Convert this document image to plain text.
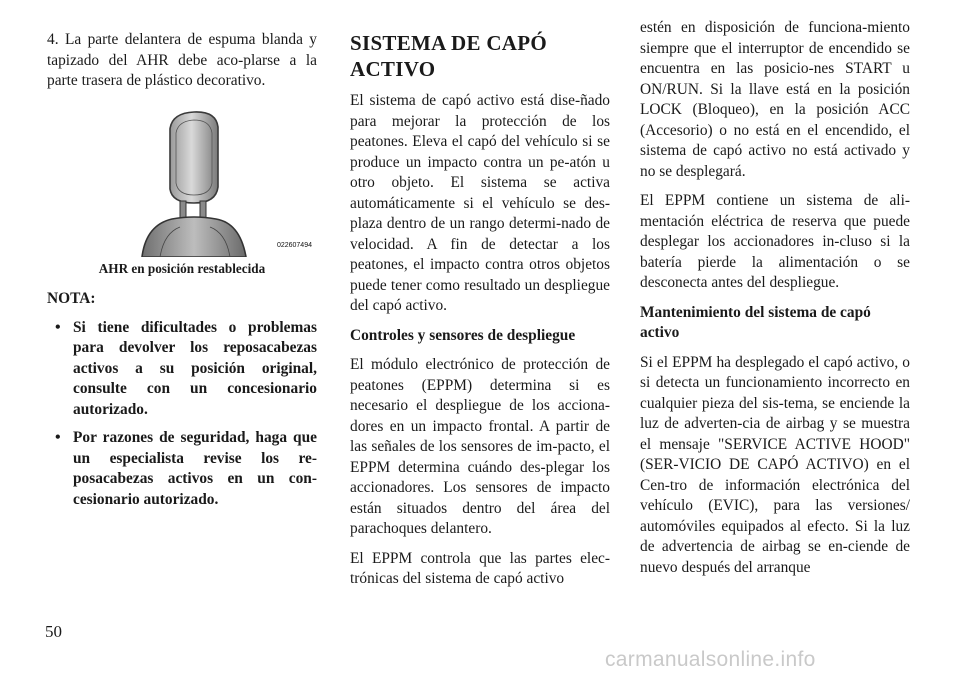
4. La parte delantera de espuma blanda y tapizado del AHR debe aco-plarse a la parte trasera de plástico decorativo.

022607494

AHR en posición restablecida

NOTA:

• Si tiene dificultades o problemas para devolver los reposacabezas activos a su posición original, consulte con un concesionario autorizado.
• Por razones de seguridad, haga que un especialista revise los re-posacabezas activos en un con-cesionario autorizado.
SISTEMA DE CAPÓ ACTIVO

El sistema de capó activo está dise-ñado para mejorar la protección de los peatones. Eleva el capó del vehículo si se produce un impacto contra un pe-atón u otro objeto. El sistema se activa automáticamente si el vehículo se des-plaza dentro de un rango determi-nado de velocidad. A fin de detectar a los peatones, el impacto contra otros objetos puede tener como resultado un despliegue del capó activo.

Controles y sensores de despliegue

El módulo electrónico de protección de peatones (EPPM) determina si es necesario el despliegue de los acciona-dores en un impacto frontal. A partir de las señales de los sensores de im-pacto, el EPPM determina cuándo des-plegar los accionadores. Los sensores de impacto están situados dentro del área del parachoques delantero.

El EPPM controla que las partes elec-trónicas del sistema de capó activo

estén en disposición de funciona-miento siempre que el interruptor de encendido se encuentra en las posicio-nes START u ON/RUN. Si la llave está en la posición LOCK (Bloqueo), en la posición ACC (Accesorio) o no está en el encendido, el sistema de capó activo no está activado y no se desplegará.

El EPPM contiene un sistema de ali-mentación eléctrica de reserva que puede desplegar los accionadores in-cluso si la batería pierde la alimentación o se desconecta antes del despliegue.

Mantenimiento del sistema de capó activo

Si el EPPM ha desplegado el capó activo, o si detecta un funcionamiento incorrecto en cualquier pieza del sis-tema, se enciende la luz de adverten-cia de airbag y se muestra el mensaje "SERVICE ACTIVE HOOD" (SER-VICIO DE CAPÓ ACTIVO) en el Cen-tro de información electrónica del vehículo (EVIC), para las versiones/ automóviles equipados al efecto. Si la luz de advertencia de airbag se en-ciende de nuevo después del arranque

50
carmanualsonline.info
